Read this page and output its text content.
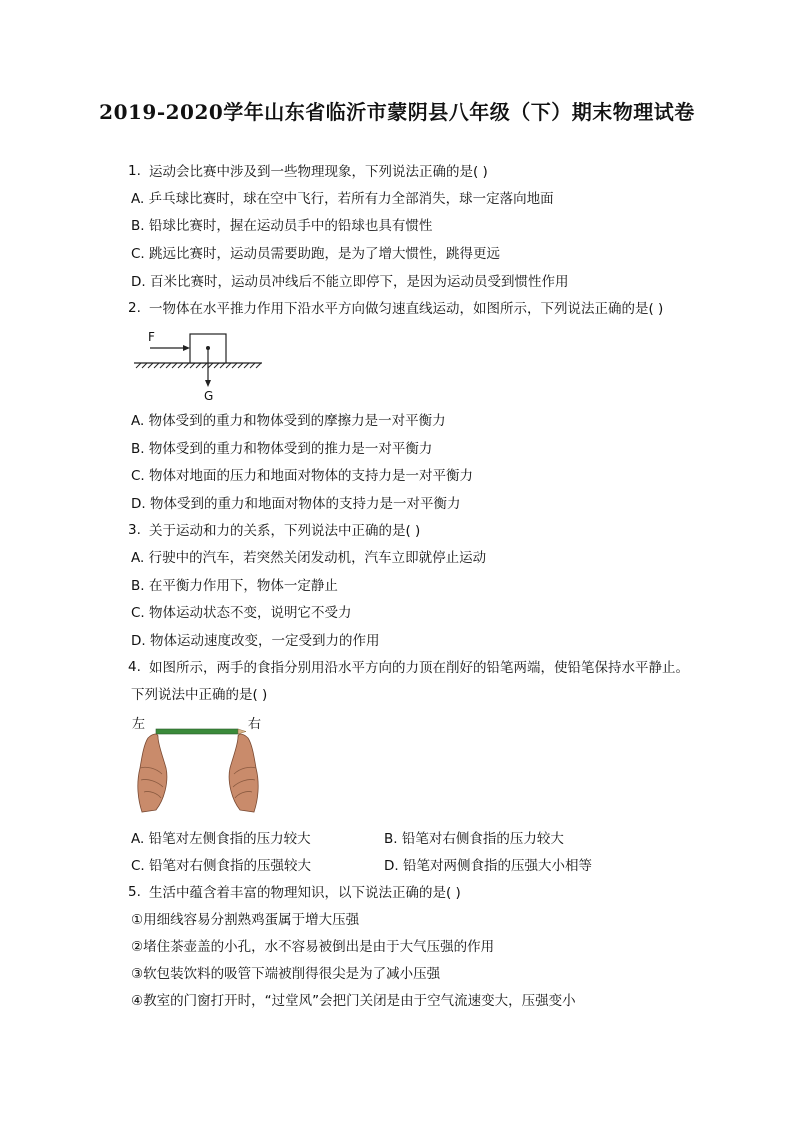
2019-2020学年山东省临沂市蒙阴县八年级（下）期末物理试卷
1. 运动会比赛中涉及到一些物理现象，下列说法正确的是( )
A. 乒乓球比赛时，球在空中飞行，若所有力全部消失，球一定落向地面
B. 铅球比赛时，握在运动员手中的铅球也具有惯性
C. 跳远比赛时，运动员需要助跑，是为了增大惯性，跳得更远
D. 百米比赛时，运动员冲线后不能立即停下，是因为运动员受到惯性作用
2. 一物体在水平推力作用下沿水平方向做匀速直线运动，如图所示，下列说法正确的是( )
F
G
A. 物体受到的重力和物体受到的摩擦力是一对平衡力
B. 物体受到的重力和物体受到的推力是一对平衡力
C. 物体对地面的压力和地面对物体的支持力是一对平衡力
D. 物体受到的重力和地面对物体的支持力是一对平衡力
3. 关于运动和力的关系，下列说法中正确的是( )
A. 行驶中的汽车，若突然关闭发动机，汽车立即就停止运动
B. 在平衡力作用下，物体一定静止
C. 物体运动状态不变，说明它不受力
D. 物体运动速度改变，一定受到力的作用
4. 如图所示，两手的食指分别用沿水平方向的力顶在削好的铅笔两端，使铅笔保持水平静止。
下列说法中正确的是( )
左	右
A. 铅笔对左侧食指的压力较大	B. 铅笔对右侧食指的压力较大
C. 铅笔对右侧食指的压强较大	D. 铅笔对两侧食指的压强大小相等
5. 生活中蕴含着丰富的物理知识，以下说法正确的是( )
①用细线容易分割熟鸡蛋属于增大压强
②堵住茶壶盖的小孔，水不容易被倒出是由于大气压强的作用
③软包装饮料的吸管下端被削得很尖是为了减小压强
④教室的门窗打开时，“过堂风”会把门关闭是由于空气流速变大，压强变小
